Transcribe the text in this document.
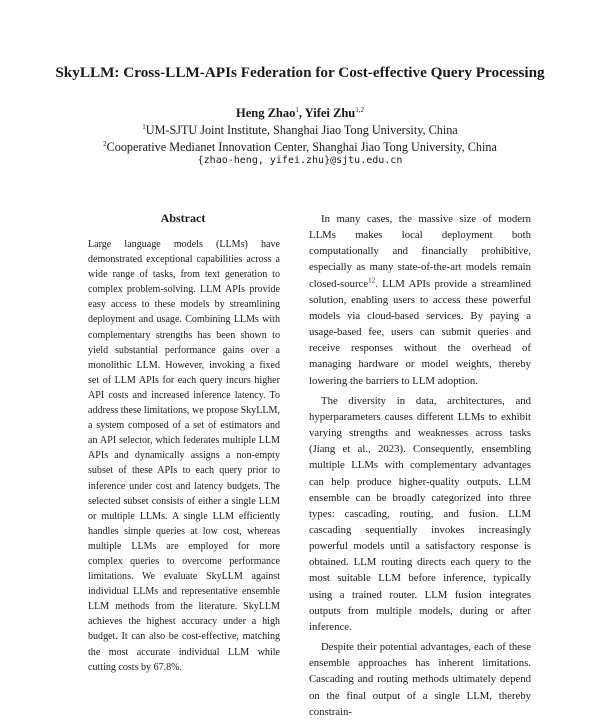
SkyLLM: Cross-LLM-APIs Federation for Cost-effective Query Processing
Heng Zhao$^1$, Yifei Zhu$^{1,2}$
$^1$UM-SJTU Joint Institute, Shanghai Jiao Tong University, China
$^2$Cooperative Medianet Innovation Center, Shanghai Jiao Tong University, China
{zhao-heng, yifei.zhu}@sjtu.edu.cn
Abstract
Large language models (LLMs) have demonstrated exceptional capabilities across a wide range of tasks, from text generation to complex problem-solving. LLM APIs provide easy access to these models by streamlining deployment and usage. Combining LLMs with complementary strengths has been shown to yield substantial performance gains over a monolithic LLM. However, invoking a fixed set of LLM APIs for each query incurs higher API costs and increased inference latency. To address these limitations, we propose SkyLLM, a system composed of a set of estimators and an API selector, which federates multiple LLM APIs and dynamically assigns a non-empty subset of these APIs to each query prior to inference under cost and latency budgets. The selected subset consists of either a single LLM or multiple LLMs. A single LLM efficiently handles simple queries at low cost, whereas multiple LLMs are employed for more complex queries to overcome performance limitations. We evaluate SkyLLM against individual LLMs and representative ensemble LLM methods from the literature. SkyLLM achieves the highest accuracy under a high budget. It can also be cost-effective, matching the most accurate individual LLM while cutting costs by 67.8%.

In many cases, the massive size of modern LLMs makes local deployment both computationally and financially prohibitive, especially as many state-of-the-art models remain closed-source$^{12}$. LLM APIs provide a streamlined solution, enabling users to access these powerful models via cloud-based services. By paying a usage-based fee, users can submit queries and receive responses without the overhead of managing hardware or model weights, thereby lowering the barriers to LLM adoption.

The diversity in data, architectures, and hyperparameters causes different LLMs to exhibit varying strengths and weaknesses across tasks (Jiang et al., 2023). Consequently, ensembling multiple LLMs with complementary advantages can help produce higher-quality outputs. LLM ensemble can be broadly categorized into three types: cascading, routing, and fusion. LLM cascading sequentially invokes increasingly powerful models until a satisfactory response is obtained. LLM routing directs each query to the most suitable LLM before inference, typically using a trained router. LLM fusion integrates outputs from multiple models, during or after inference.

Despite their potential advantages, each of these ensemble approaches has inherent limitations. Cascading and routing methods ultimately depend on the final output of a single LLM, thereby constrain-
